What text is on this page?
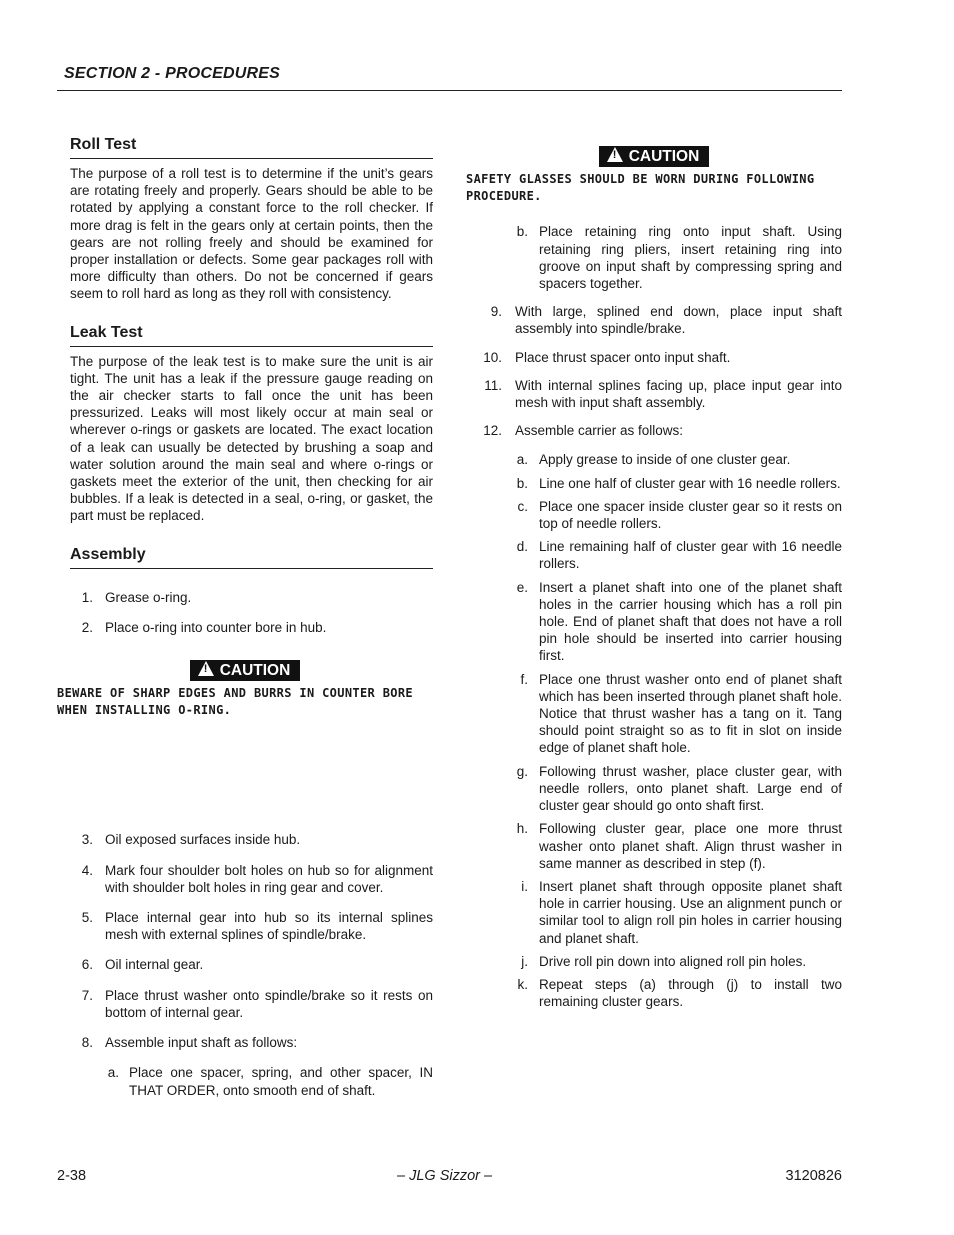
SECTION 2 - PROCEDURES
Roll Test
The purpose of a roll test is to determine if the unit’s gears are rotating freely and properly. Gears should be able to be rotated by applying a constant force to the roll checker. If more drag is felt in the gears only at certain points, then the gears are not rolling freely and should be examined for proper installation or defects. Some gear packages roll with more difficulty than others. Do not be concerned if gears seem to roll hard as long as they roll with consistency.
Leak Test
The purpose of the leak test is to make sure the unit is air tight. The unit has a leak if the pressure gauge reading on the air checker starts to fall once the unit has been pressurized. Leaks will most likely occur at main seal or wherever o-rings or gaskets are located. The exact location of a leak can usually be detected by brushing a soap and water solution around the main seal and where o-rings or gaskets meet the exterior of the unit, then checking for air bubbles. If a leak is detected in a seal, o-ring, or gasket, the part must be replaced.
Assembly
1. Grease o-ring.
2. Place o-ring into counter bore in hub.
! CAUTION
BEWARE OF SHARP EDGES AND BURRS IN COUNTER BORE WHEN INSTALLING O-RING.
3. Oil exposed surfaces inside hub.
4. Mark four shoulder bolt holes on hub so for alignment with shoulder bolt holes in ring gear and cover.
5. Place internal gear into hub so its internal splines mesh with external splines of spindle/brake.
6. Oil internal gear.
7. Place thrust washer onto spindle/brake so it rests on bottom of internal gear.
8. Assemble input shaft as follows:
a. Place one spacer, spring, and other spacer, IN THAT ORDER, onto smooth end of shaft.
! CAUTION
SAFETY GLASSES SHOULD BE WORN DURING FOLLOWING PROCEDURE.
b. Place retaining ring onto input shaft. Using retaining ring pliers, insert retaining ring into groove on input shaft by compressing spring and spacers together.
9. With large, splined end down, place input shaft assembly into spindle/brake.
10. Place thrust spacer onto input shaft.
11. With internal splines facing up, place input gear into mesh with input shaft assembly.
12. Assemble carrier as follows:
a. Apply grease to inside of one cluster gear.
b. Line one half of cluster gear with 16 needle rollers.
c. Place one spacer inside cluster gear so it rests on top of needle rollers.
d. Line remaining half of cluster gear with 16 needle rollers.
e. Insert a planet shaft into one of the planet shaft holes in the carrier housing which has a roll pin hole. End of planet shaft that does not have a roll pin hole should be inserted into carrier housing first.
f. Place one thrust washer onto end of planet shaft which has been inserted through planet shaft hole. Notice that thrust washer has a tang on it. Tang should point straight so as to fit in slot on inside edge of planet shaft hole.
g. Following thrust washer, place cluster gear, with needle rollers, onto planet shaft. Large end of cluster gear should go onto shaft first.
h. Following cluster gear, place one more thrust washer onto planet shaft. Align thrust washer in same manner as described in step (f).
i. Insert planet shaft through opposite planet shaft hole in carrier housing. Use an alignment punch or similar tool to align roll pin holes in carrier housing and planet shaft.
j. Drive roll pin down into aligned roll pin holes.
k. Repeat steps (a) through (j) to install two remaining cluster gears.
2-38	– JLG Sizzor –	3120826
